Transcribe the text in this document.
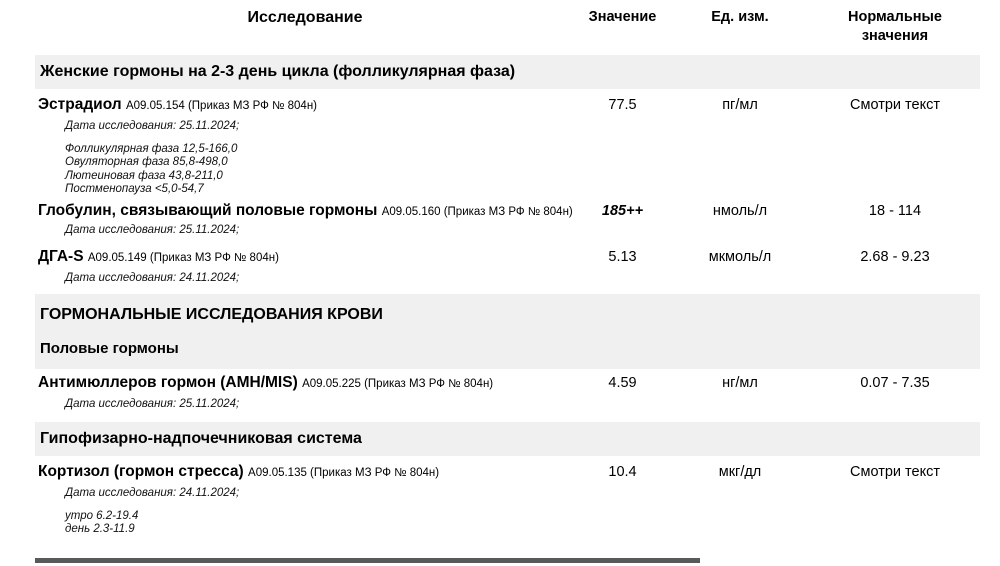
Исследование	Значение	Ед. изм.	Нормальные
значения
Женские гормоны на 2-3 день цикла (фолликулярная фаза)
Эстрадиол A09.05.154 (Приказ МЗ РФ № 804н)	77.5	пг/мл	Смотри текст
Дата исследования: 25.11.2024;
Фолликулярная фаза 12,5-166,0
Овуляторная фаза 85,8-498,0
Лютеиновая фаза 43,8-211,0
Постменопауза <5,0-54,7
Глобулин, связывающий половые гормоны A09.05.160 (Приказ МЗ РФ № 804н)	185++	нмоль/л	18 - 114
Дата исследования: 25.11.2024;
ДГА-S A09.05.149 (Приказ МЗ РФ № 804н)	5.13	мкмоль/л	2.68 - 9.23
Дата исследования: 24.11.2024;
ГОРМОНАЛЬНЫЕ ИССЛЕДОВАНИЯ КРОВИ
Половые гормоны
Антимюллеров гормон (АМН/MIS) A09.05.225 (Приказ МЗ РФ № 804н)	4.59	нг/мл	0.07 - 7.35
Дата исследования: 25.11.2024;
Гипофизарно-надпочечниковая система
Кортизол (гормон стресса) A09.05.135 (Приказ МЗ РФ № 804н)	10.4	мкг/дл	Смотри текст
Дата исследования: 24.11.2024;
утро 6.2-19.4
день 2.3-11.9
